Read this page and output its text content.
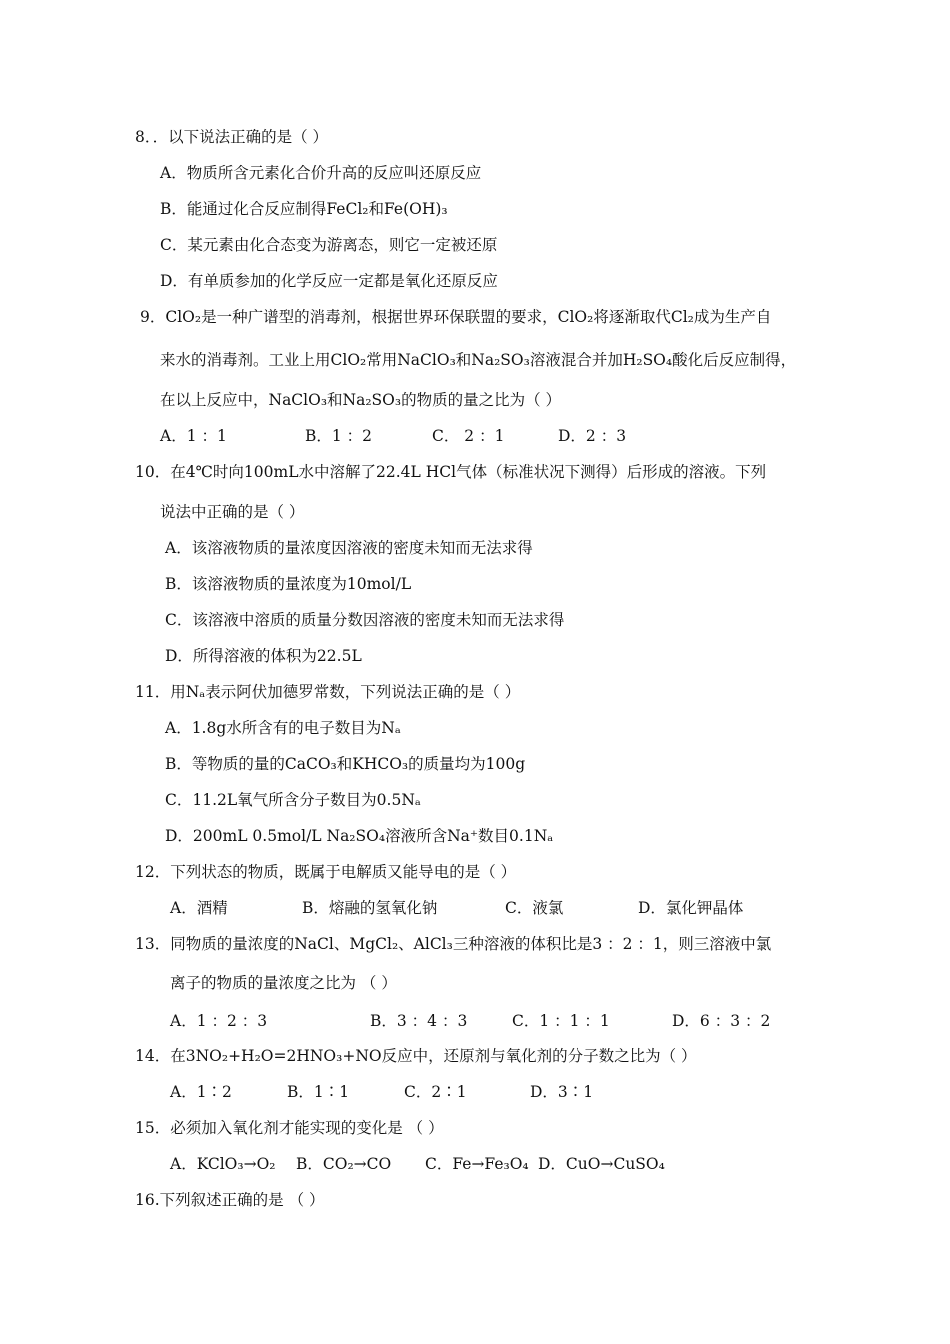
8．．以下说法正确的是（ ）
A．物质所含元素化合价升高的反应叫还原反应
B．能通过化合反应制得FeCl₂和Fe(OH)₃
C．某元素由化合态变为游离态，则它一定被还原
D．有单质参加的化学反应一定都是氧化还原反应
9．ClO₂是一种广谱型的消毒剂，根据世界环保联盟的要求，ClO₂将逐渐取代Cl₂成为生产自
来水的消毒剂。工业上用ClO₂常用NaClO₃和Na₂SO₃溶液混合并加H₂SO₄酸化后反应制得，
在以上反应中，NaClO₃和Na₂SO₃的物质的量之比为（ ）
A．1 ：1	B．1 ：2	C． 2 ：1	D．2 ：3
10．在4℃时向100mL水中溶解了22.4L HCl气体（标准状况下测得）后形成的溶液。下列
说法中正确的是（ ）
A．该溶液物质的量浓度因溶液的密度未知而无法求得
B．该溶液物质的量浓度为10mol/L
C．该溶液中溶质的质量分数因溶液的密度未知而无法求得
D．所得溶液的体积为22.5L
11．用Nₐ表示阿伏加德罗常数，下列说法正确的是（ ）
A．1.8g水所含有的电子数目为Nₐ
B．等物质的量的CaCO₃和KHCO₃的质量均为100g
C．11.2L氧气所含分子数目为0.5Nₐ
D．200mL 0.5mol/L Na₂SO₄溶液所含Na⁺数目0.1Nₐ
12．下列状态的物质，既属于电解质又能导电的是（ ）
A．酒精	B．熔融的氢氧化钠	C．液氯	D．氯化钾晶体
13．同物质的量浓度的NaCl、MgCl₂、AlCl₃三种溶液的体积比是3 ：2 ：1，则三溶液中氯
离子的物质的量浓度之比为 （ ）
A．1 ：2 ：3	B．3 ：4 ：3	C．1 ：1 ：1	D．6 ：3 ：2
14．在3NO₂+H₂O=2HNO₃+NO反应中，还原剂与氧化剂的分子数之比为（ ）
A．1∶2	B．1∶1	C．2∶1	D．3∶1
15．必须加入氧化剂才能实现的变化是 （ ）
A．KClO₃→O₂ B．CO₂→CO C．Fe→Fe₃O₄ D．CuO→CuSO₄
16.下列叙述正确的是 （ ）
